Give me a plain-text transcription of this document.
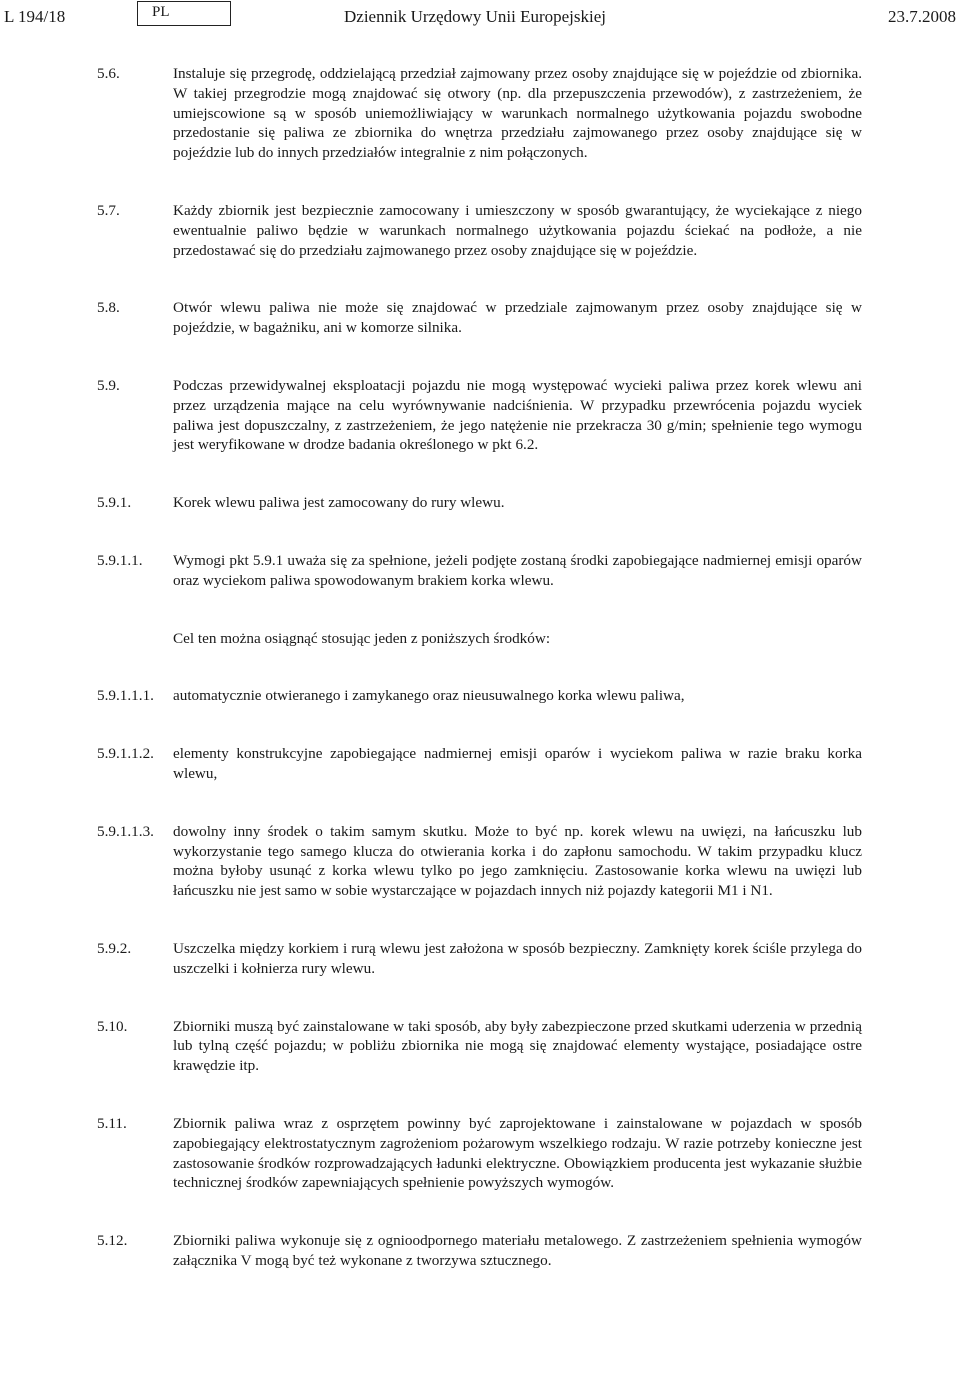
L 194/18	PL	Dziennik Urzędowy Unii Europejskiej	23.7.2008
5.6.	Instaluje się przegrodę, oddzielającą przedział zajmowany przez osoby znajdujące się w pojeździe od zbiornika. W takiej przegrodzie mogą znajdować się otwory (np. dla przepuszczenia przewodów), z zastrzeżeniem, że umiejscowione są w sposób uniemożliwiający w warunkach normalnego użytkowania pojazdu swobodne przedostanie się paliwa ze zbiornika do wnętrza przedziału zajmowanego przez osoby znajdujące się w pojeździe lub do innych przedziałów integralnie z nim połączonych.
5.7.	Każdy zbiornik jest bezpiecznie zamocowany i umieszczony w sposób gwarantujący, że wyciekające z niego ewentualnie paliwo będzie w warunkach normalnego użytkowania pojazdu ściekać na podłoże, a nie przedostawać się do przedziału zajmowanego przez osoby znajdujące się w pojeździe.
5.8.	Otwór wlewu paliwa nie może się znajdować w przedziale zajmowanym przez osoby znajdujące się w pojeździe, w bagażniku, ani w komorze silnika.
5.9.	Podczas przewidywalnej eksploatacji pojazdu nie mogą występować wycieki paliwa przez korek wlewu ani przez urządzenia mające na celu wyrównywanie nadciśnienia. W przypadku przewrócenia pojazdu wyciek paliwa jest dopuszczalny, z zastrzeżeniem, że jego natężenie nie przekracza 30 g/min; spełnienie tego wymogu jest weryfikowane w drodze badania określonego w pkt 6.2.
5.9.1.	Korek wlewu paliwa jest zamocowany do rury wlewu.
5.9.1.1. Wymogi pkt 5.9.1 uważa się za spełnione, jeżeli podjęte zostaną środki zapobiegające nadmiernej emisji oparów oraz wyciekom paliwa spowodowanym brakiem korka wlewu.
Cel ten można osiągnąć stosując jeden z poniższych środków:
5.9.1.1.1. automatycznie otwieranego i zamykanego oraz nieusuwalnego korka wlewu paliwa,
5.9.1.1.2. elementy konstrukcyjne zapobiegające nadmiernej emisji oparów i wyciekom paliwa w razie braku korka wlewu,
5.9.1.1.3. dowolny inny środek o takim samym skutku. Może to być np. korek wlewu na uwięzi, na łańcuszku lub wykorzystanie tego samego klucza do otwierania korka i do zapłonu samochodu. W takim przypadku klucz można byłoby usunąć z korka wlewu tylko po jego zamknięciu. Zastosowanie korka wlewu na uwięzi lub łańcuszku nie jest samo w sobie wystarczające w pojazdach innych niż pojazdy kategorii M1 i N1.
5.9.2.	Uszczelka między korkiem i rurą wlewu jest założona w sposób bezpieczny. Zamknięty korek ściśle przylega do uszczelki i kołnierza rury wlewu.
5.10.	Zbiorniki muszą być zainstalowane w taki sposób, aby były zabezpieczone przed skutkami uderzenia w przednią lub tylną część pojazdu; w pobliżu zbiornika nie mogą się znajdować elementy wystające, posiadające ostre krawędzie itp.
5.11.	Zbiornik paliwa wraz z osprzętem powinny być zaprojektowane i zainstalowane w pojazdach w sposób zapobiegający elektrostatycznym zagrożeniom pożarowym wszelkiego rodzaju. W razie potrzeby konieczne jest zastosowanie środków rozprowadzających ładunki elektryczne. Obowiązkiem producenta jest wykazanie służbie technicznej środków zapewniających spełnienie powyższych wymogów.
5.12.	Zbiorniki paliwa wykonuje się z ognioodpornego materiału metalowego. Z zastrzeżeniem spełnienia wymogów załącznika V mogą być też wykonane z tworzywa sztucznego.
